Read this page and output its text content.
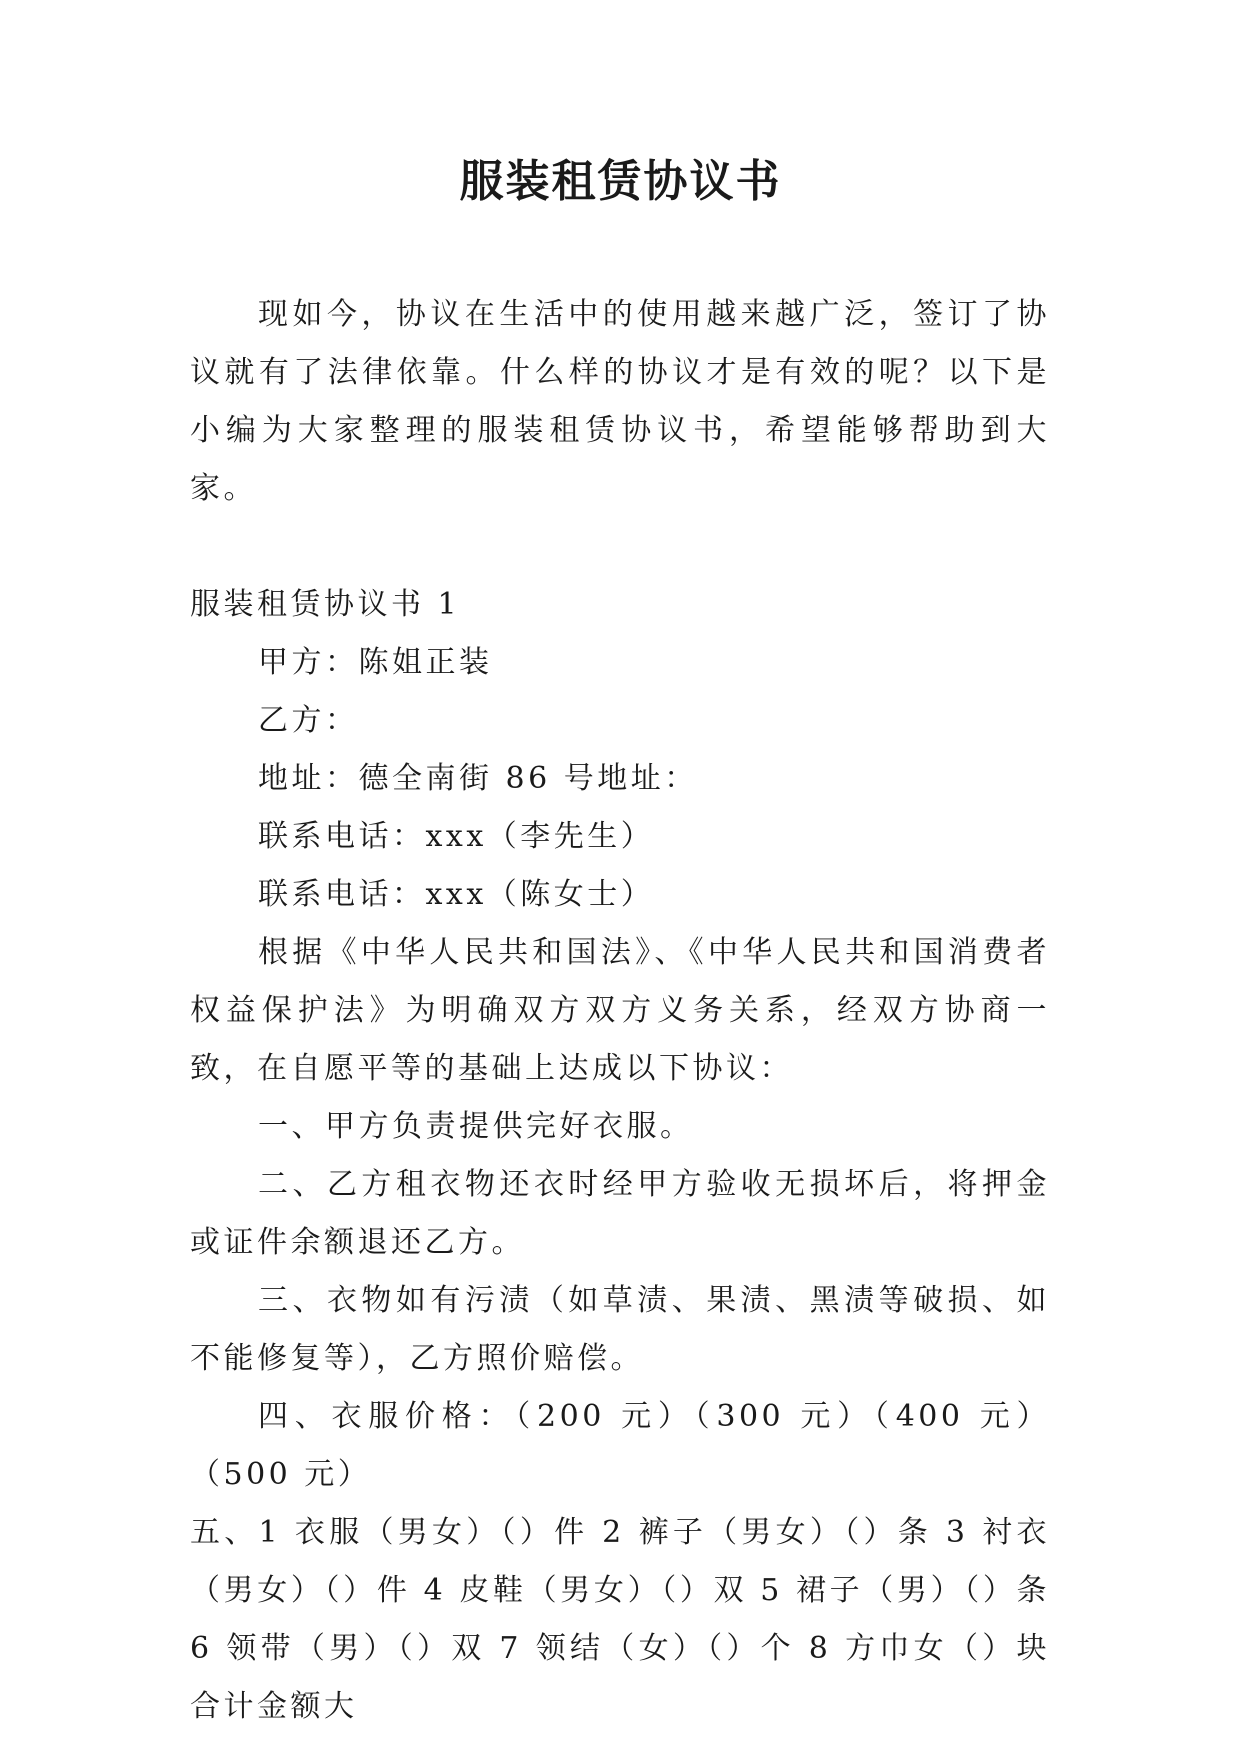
服装租赁协议书

现如今，协议在生活中的使用越来越广泛，签订了协议就有了法律依靠。什么样的协议才是有效的呢？以下是小编为大家整理的服装租赁协议书，希望能够帮助到大家。

服装租赁协议书 1

甲方：陈姐正装

乙方：

地址：德全南街 86 号地址：

联系电话：xxx（李先生）

联系电话：xxx（陈女士）

根据《中华人民共和国法》、《中华人民共和国消费者权益保护法》为明确双方双方义务关系，经双方协商一致，在自愿平等的基础上达成以下协议：

一、甲方负责提供完好衣服。

二、乙方租衣物还衣时经甲方验收无损坏后，将押金或证件余额退还乙方。

三、衣物如有污渍（如草渍、果渍、黑渍等破损、如不能修复等），乙方照价赔偿。

四、衣服价格：（200 元）（300 元）（400 元）（500 元）

五、1 衣服（男女）（）件 2 裤子（男女）（）条 3 衬衣（男女）（）件 4 皮鞋（男女）（）双 5 裙子（男）（）条 6 领带（男）（）双 7 领结（女）（）个 8 方巾女（）块合计金额大
